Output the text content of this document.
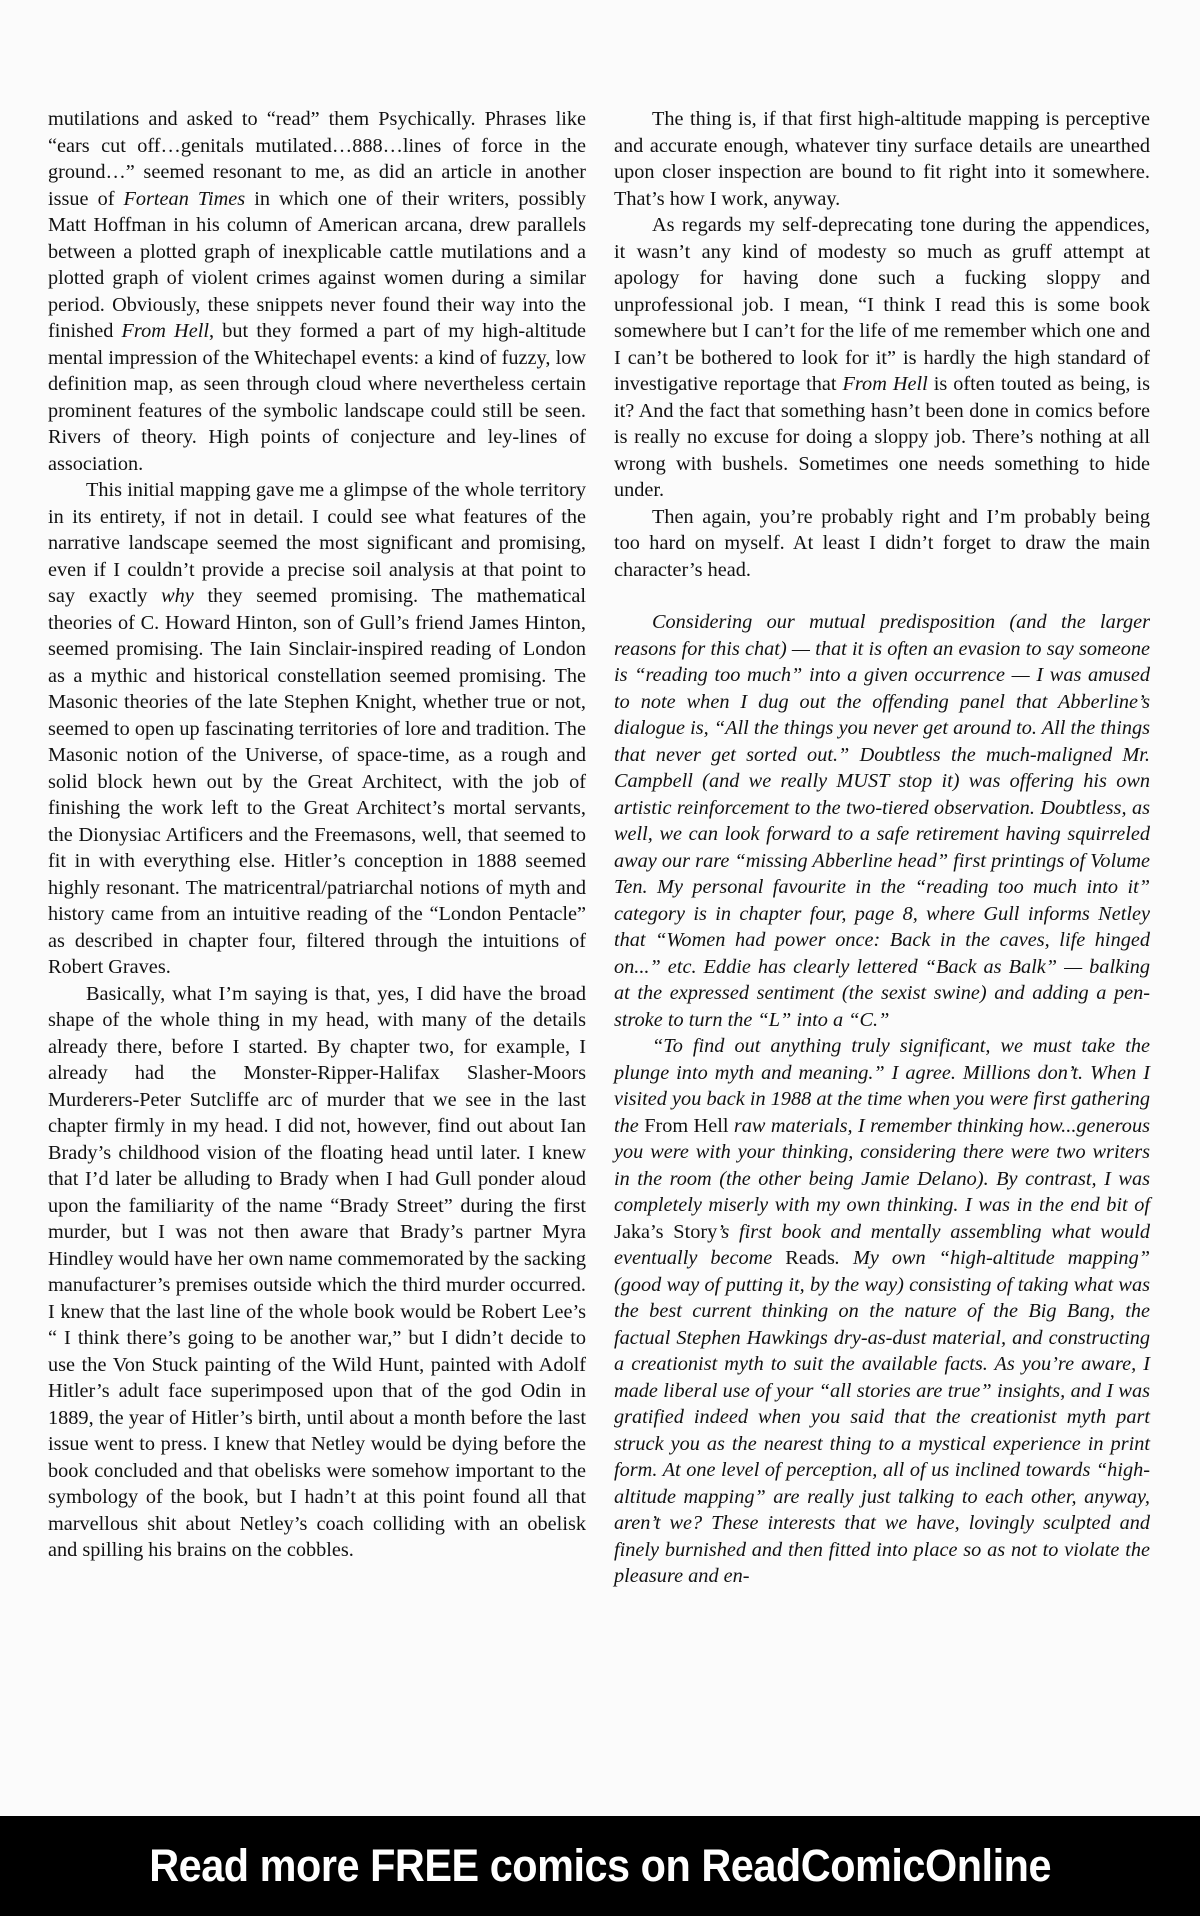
mutilations and asked to “read” them Psychically. Phrases like “ears cut off…genitals mutilated…888…lines of force in the ground…” seemed resonant to me, as did an article in another issue of Fortean Times in which one of their writers, possibly Matt Hoffman in his column of American arcana, drew parallels between a plotted graph of inexplicable cattle mutilations and a plotted graph of violent crimes against women during a similar period. Obviously, these snippets never found their way into the finished From Hell, but they formed a part of my high-altitude mental impression of the Whitechapel events: a kind of fuzzy, low definition map, as seen through cloud where nevertheless certain prominent features of the symbolic landscape could still be seen. Rivers of theory. High points of conjecture and ley-lines of association.

This initial mapping gave me a glimpse of the whole territory in its entirety, if not in detail. I could see what features of the narrative landscape seemed the most significant and promising, even if I couldn’t provide a precise soil analysis at that point to say exactly why they seemed promising. The mathematical theories of C. Howard Hinton, son of Gull’s friend James Hinton, seemed promising. The Iain Sinclair-inspired reading of London as a mythic and historical constellation seemed promising. The Masonic theories of the late Stephen Knight, whether true or not, seemed to open up fascinating territories of lore and tradition. The Masonic notion of the Universe, of space-time, as a rough and solid block hewn out by the Great Architect, with the job of finishing the work left to the Great Architect’s mortal servants, the Dionysiac Artificers and the Freemasons, well, that seemed to fit in with everything else. Hitler’s conception in 1888 seemed highly resonant. The matricentral/patriarchal notions of myth and history came from an intuitive reading of the “London Pentacle” as described in chapter four, filtered through the intuitions of Robert Graves.

Basically, what I’m saying is that, yes, I did have the broad shape of the whole thing in my head, with many of the details already there, before I started. By chapter two, for example, I already had the Monster-Ripper-Halifax Slasher-Moors Murderers-Peter Sutcliffe arc of murder that we see in the last chapter firmly in my head. I did not, however, find out about Ian Brady’s childhood vision of the floating head until later. I knew that I’d later be alluding to Brady when I had Gull ponder aloud upon the familiarity of the name “Brady Street” during the first murder, but I was not then aware that Brady’s partner Myra Hindley would have her own name commemorated by the sacking manufacturer’s premises outside which the third murder occurred. I knew that the last line of the whole book would be Robert Lee’s “ I think there’s going to be another war,” but I didn’t decide to use the Von Stuck painting of the Wild Hunt, painted with Adolf Hitler’s adult face superimposed upon that of the god Odin in 1889, the year of Hitler’s birth, until about a month before the last issue went to press. I knew that Netley would be dying before the book concluded and that obelisks were somehow important to the symbology of the book, but I hadn’t at this point found all that marvellous shit about Netley’s coach colliding with an obelisk and spilling his brains on the cobbles.

The thing is, if that first high-altitude mapping is perceptive and accurate enough, whatever tiny surface details are unearthed upon closer inspection are bound to fit right into it somewhere. That’s how I work, anyway.

As regards my self-deprecating tone during the appendices, it wasn’t any kind of modesty so much as gruff attempt at apology for having done such a fucking sloppy and unprofessional job. I mean, “I think I read this is some book somewhere but I can’t for the life of me remember which one and I can’t be bothered to look for it” is hardly the high standard of investigative reportage that From Hell is often touted as being, is it? And the fact that something hasn’t been done in comics before is really no excuse for doing a sloppy job. There’s nothing at all wrong with bushels. Sometimes one needs something to hide under.

Then again, you’re probably right and I’m probably being too hard on myself. At least I didn’t forget to draw the main character’s head.

Considering our mutual predisposition (and the larger reasons for this chat) — that it is often an evasion to say someone is “reading too much” into a given occurrence — I was amused to note when I dug out the offending panel that Abberline’s dialogue is, “All the things you never get around to. All the things that never get sorted out.” Doubtless the much-maligned Mr. Campbell (and we really MUST stop it) was offering his own artistic reinforcement to the two-tiered observation. Doubtless, as well, we can look forward to a safe retirement having squirreled away our rare “missing Abberline head” first printings of Volume Ten. My personal favourite in the “reading too much into it” category is in chapter four, page 8, where Gull informs Netley that “Women had power once: Back in the caves, life hinged on...” etc. Eddie has clearly lettered “Back as Balk” — balking at the expressed sentiment (the sexist swine) and adding a pen-stroke to turn the “L” into a “C.”

“To find out anything truly significant, we must take the plunge into myth and meaning.” I agree. Millions don’t. When I visited you back in 1988 at the time when you were first gathering the From Hell raw materials, I remember thinking how...generous you were with your thinking, considering there were two writers in the room (the other being Jamie Delano). By contrast, I was completely miserly with my own thinking. I was in the end bit of Jaka’s Story’s first book and mentally assembling what would eventually become Reads. My own “high-altitude mapping” (good way of putting it, by the way) consisting of taking what was the best current thinking on the nature of the Big Bang, the factual Stephen Hawkings dry-as-dust material, and constructing a creationist myth to suit the available facts. As you’re aware, I made liberal use of your “all stories are true” insights, and I was gratified indeed when you said that the creationist myth part struck you as the nearest thing to a mystical experience in print form. At one level of perception, all of us inclined towards “high-altitude mapping” are really just talking to each other, anyway, aren’t we? These interests that we have, lovingly sculpted and finely burnished and then fitted into place so as not to violate the pleasure and en-

Read more FREE comics on ReadComicOnline
